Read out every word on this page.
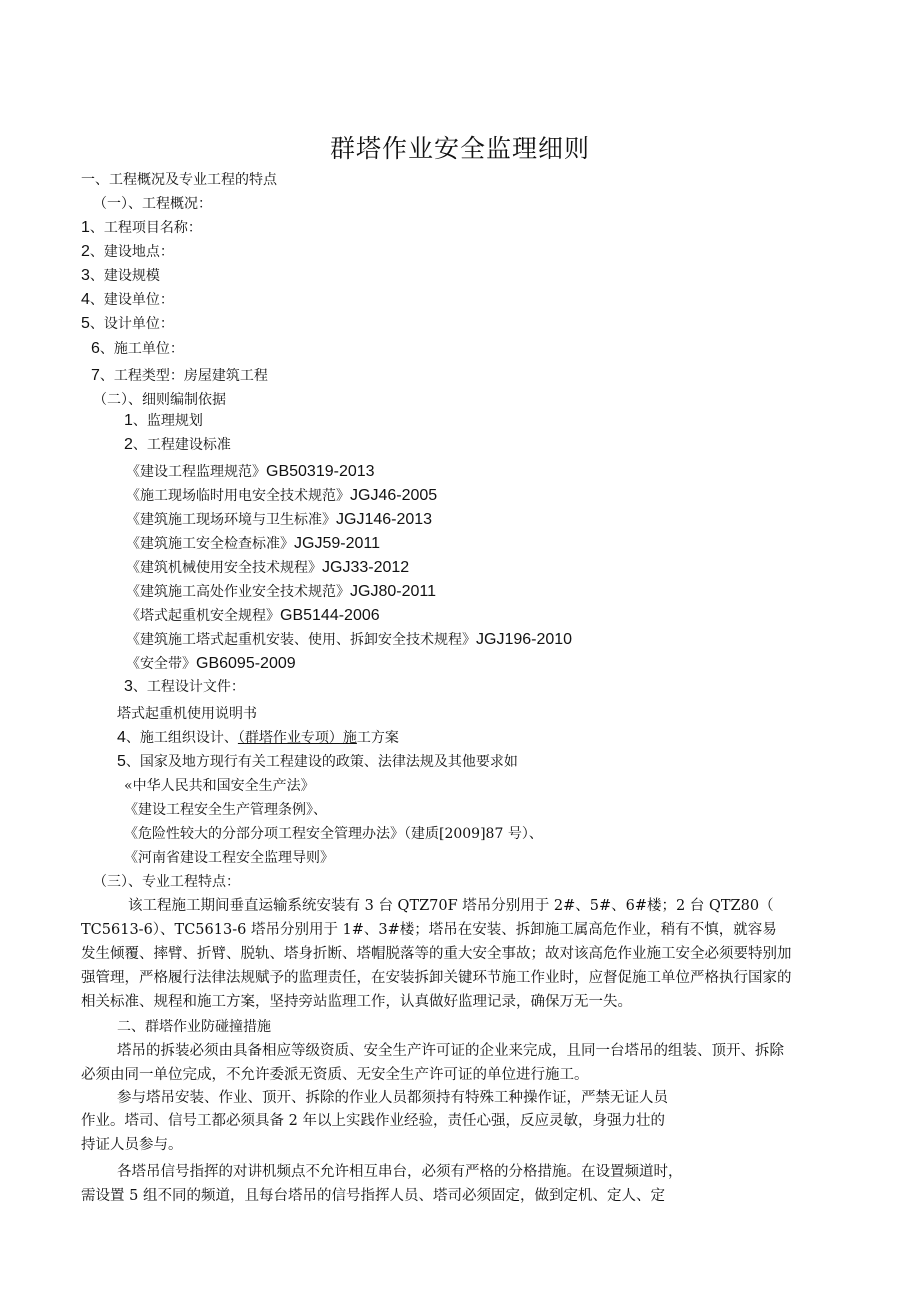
群塔作业安全监理细则
一、工程概况及专业工程的特点
（一）、工程概况：
1、工程项目名称：
2、建设地点：
3、建设规模
4、建设单位：
5、设计单位：
6、施工单位：
7、工程类型：房屋建筑工程
（二）、细则编制依据
1、监理规划
2、工程建设标准
《建设工程监理规范》GB50319-2013
《施工现场临时用电安全技术规范》JGJ46-2005
《建筑施工现场环境与卫生标准》JGJ146-2013
《建筑施工安全检查标准》JGJ59-2011
《建筑机械使用安全技术规程》JGJ33-2012
《建筑施工高处作业安全技术规范》JGJ80-2011
《塔式起重机安全规程》GB5144-2006
《建筑施工塔式起重机安装、使用、拆卸安全技术规程》JGJ196-2010
《安全带》GB6095-2009
3、工程设计文件：
塔式起重机使用说明书
4、施工组织设计、（群塔作业专项）施工方案
5、国家及地方现行有关工程建设的政策、法律法规及其他要求如
«中华人民共和国安全生产法》
《建设工程安全生产管理条例》、
《危险性较大的分部分项工程安全管理办法》（建质[2009]87 号）、
《河南省建设工程安全监理导则》
（三）、专业工程特点：
该工程施工期间垂直运输系统安装有 3 台 QTZ70F 塔吊分别用于 2#、5#、6#楼；2 台 QTZ80（
TC5613-6）、TC5613-6 塔吊分别用于 1#、3#楼；塔吊在安装、拆卸施工属高危作业，稍有不慎，就容易
发生倾覆、摔臂、折臂、脱轨、塔身折断、塔帽脱落等的重大安全事故；故对该高危作业施工安全必须要特别加
强管理，严格履行法律法规赋予的监理责任，在安装拆卸关键环节施工作业时，应督促施工单位严格执行国家的
相关标准、规程和施工方案，坚持旁站监理工作，认真做好监理记录，确保万无一失。
二、群塔作业防碰撞措施
塔吊的拆装必须由具备相应等级资质、安全生产许可证的企业来完成，且同一台塔吊的组装、顶开、拆除
必须由同一单位完成，不允许委派无资质、无安全生产许可证的单位进行施工。
参与塔吊安装、作业、顶开、拆除的作业人员都须持有特殊工种操作证，严禁无证人员
作业。塔司、信号工都必须具备 2 年以上实践作业经验，责任心强，反应灵敏，身强力壮的
持证人员参与。
各塔吊信号指挥的对讲机频点不允许相互串台，必须有严格的分格措施。在设置频道时，
需设置 5 组不同的频道，且每台塔吊的信号指挥人员、塔司必须固定，做到定机、定人、定
